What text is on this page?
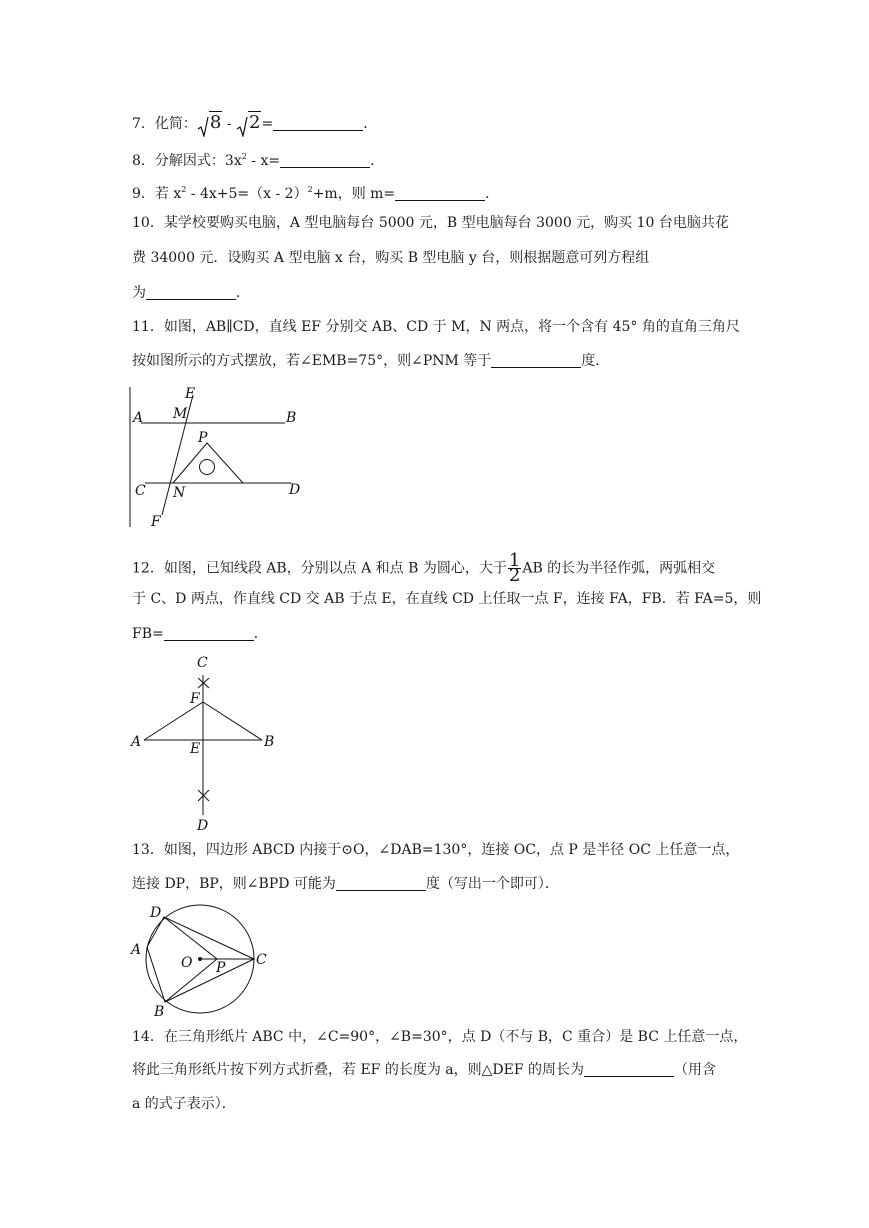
7．化简： 8 -
2=	．
8．分解因式：$3x^2 - x=$	．
9．若 $x^2 - 4x+5=(x - 2)^2+m$，则 m=	．
10．某学校要购买电脑，A 型电脑每台 5000 元，B 型电脑每台 3000 元，购买 10 台电脑共花
费 34000 元．设购买 A 型电脑 x 台，购买 B 型电脑 y 台，则根据题意可列方程组
为	．
11．如图，AB∥CD，直线 EF 分别交 AB、CD 于 M，N 两点，将一个含有 45° 角的直角三角尺
按如图所示的方式摆放，若∠EMB=75°，则∠PNM 等于	度．
E
M
A	B
P
C N	D
F
12．如图，已知线段 AB，分别以点 A 和点 B 为圆心，大于 $\frac{1}{2}$ AB 的长为半径作弧，两弧相交
于 C、D 两点，作直线 CD 交 AB 于点 E，在直线 CD 上任取一点 F，连接 FA，FB．若 FA=5，则
FB=	．
C
F
A	E	B
D
13．如图，四边形 ABCD 内接于⊙O，∠DAB=130°，连接 OC，点 P 是半径 OC 上任意一点，
连接 DP，BP，则∠BPD 可能为	度（写出一个即可）．
D
A
O P C
B
14．在三角形纸片 ABC 中，∠C=90°，∠B=30°，点 D（不与 B，C 重合）是 BC 上任意一点，
将此三角形纸片按下列方式折叠，若 EF 的长度为 a，则△DEF 的周长为	（用含
a 的式子表示）．
